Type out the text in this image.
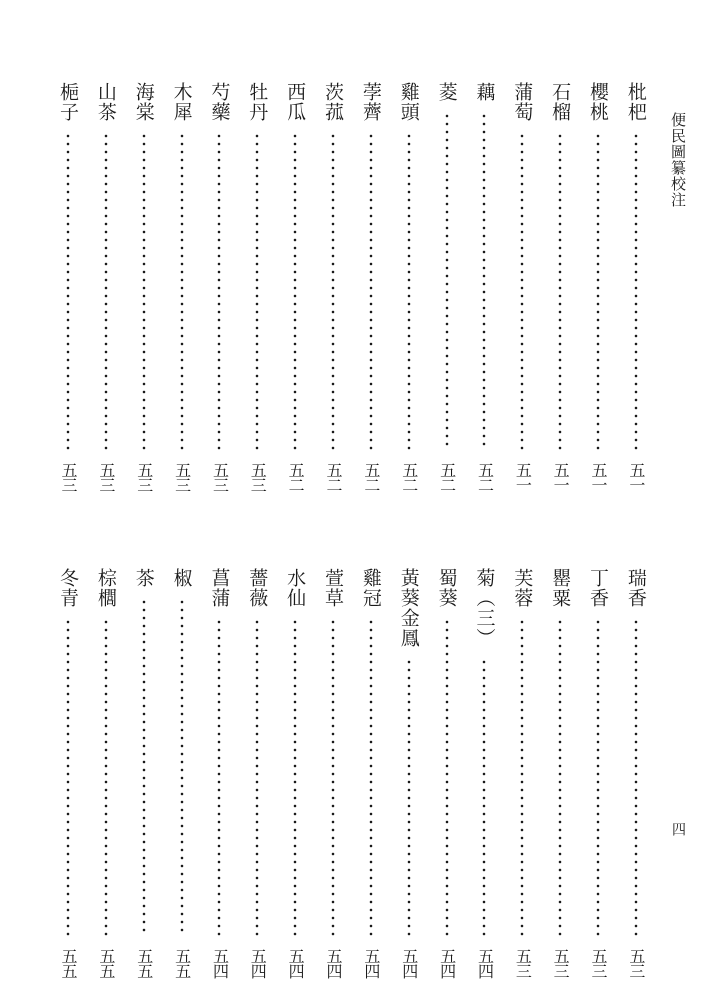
便民圖纂校注
四
枇杷
五一
櫻桃
五一
石榴
五一
蒲萄
五一
藕
五二
菱
五二
雞頭
五二
荸薺
五二
茨菰
五二
西瓜
五二
牡丹
五三
芍藥
五三
木犀
五三
海棠
五三
山茶
五三
梔子
五三
瑞香
五三
丁香
五三
罌粟
五三
芙蓉
五三
菊（三）
五四
蜀葵
五四
黃葵金鳳
五四
雞冠
五四
萱草
五四
水仙
五四
薔薇
五四
菖蒲
五四
椒
五五
茶
五五
棕櫚
五五
冬青
五五
